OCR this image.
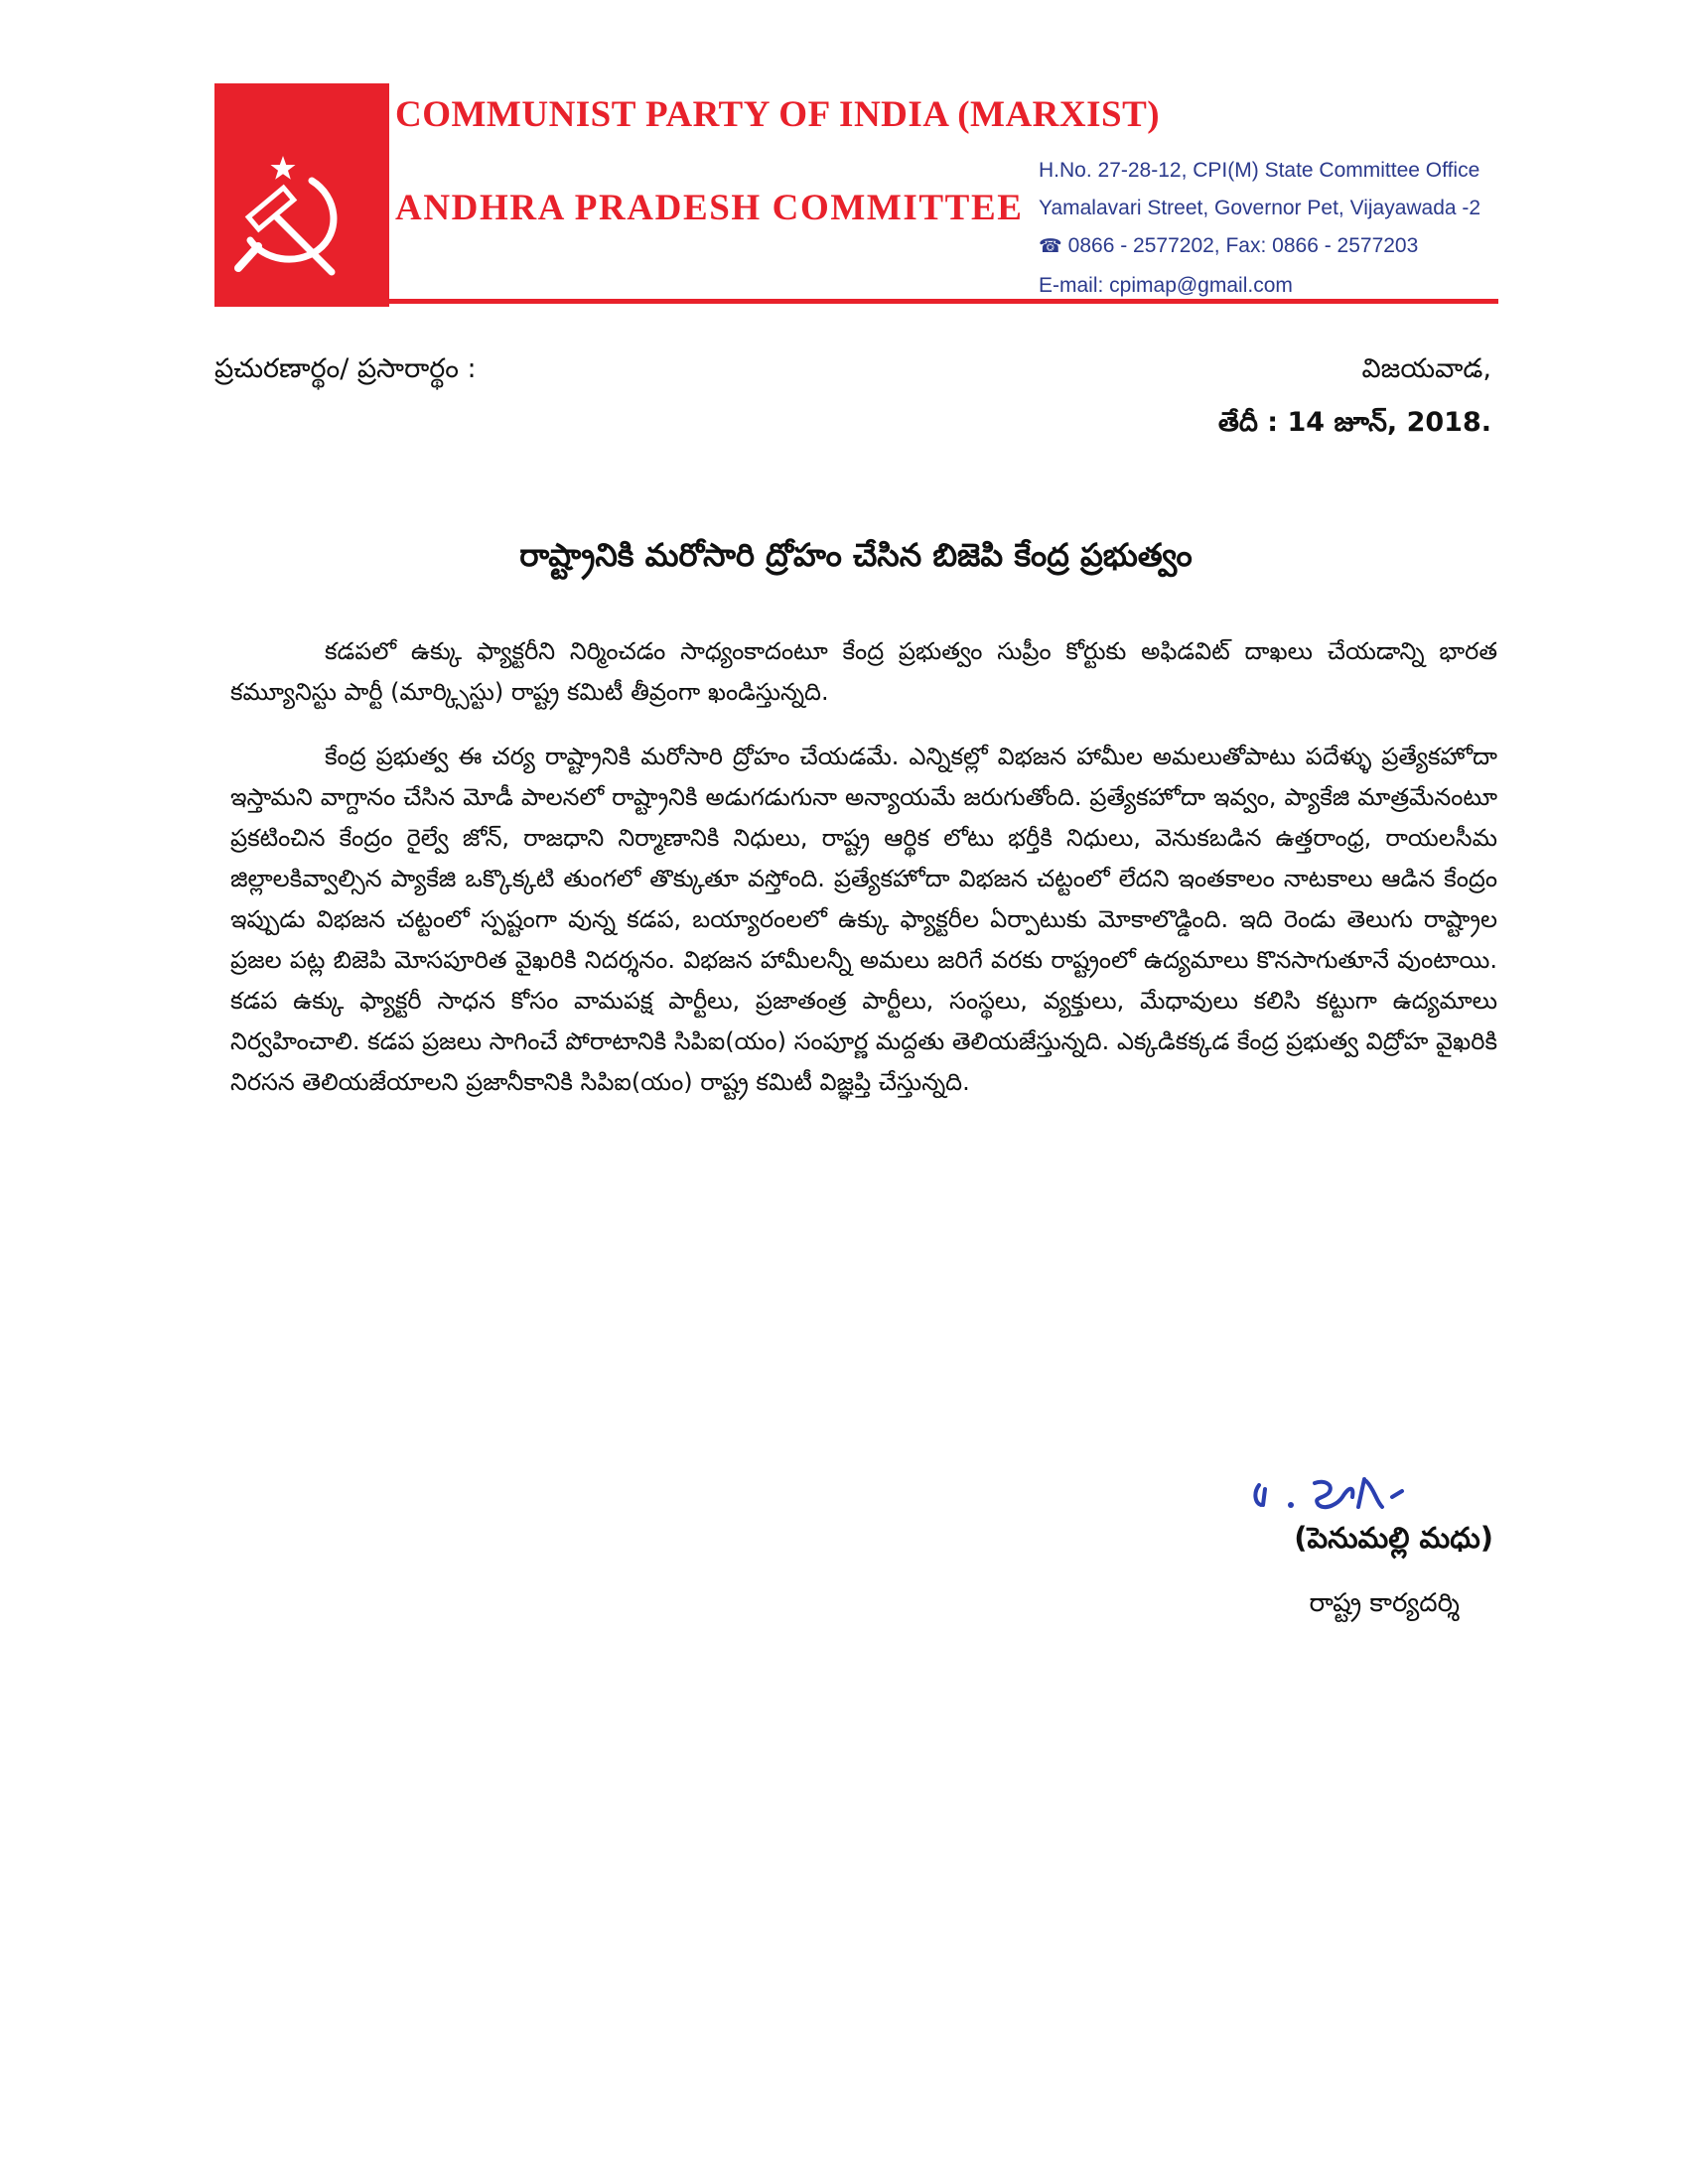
COMMUNIST PARTY OF INDIA (MARXIST)
ANDHRA PRADESH COMMITTEE
H.No. 27-28-12, CPI(M) State Committee Office
Yamalavari Street, Governor Pet, Vijayawada -2
☎ 0866 - 2577202, Fax: 0866 - 2577203
E-mail: cpimap@gmail.com
ప్రచురణార్థం/ ప్రసారార్థం :	విజయవాడ,
తేదీ : 14 జూన్‌, 2018.
రాష్ట్రానికి మరోసారి ద్రోహం చేసిన బిజెపి కేంద్ర ప్రభుత్వం

కడపలో ఉక్కు ఫ్యాక్టరీని నిర్మించడం సాధ్యంకాదంటూ కేంద్ర ప్రభుత్వం సుప్రీం కోర్టుకు అఫిడవిట్‌ దాఖలు చేయడాన్ని భారత కమ్యూనిస్టు పార్టీ (మార్క్సిస్టు) రాష్ట్ర కమిటీ తీవ్రంగా ఖండిస్తున్నది.

కేంద్ర ప్రభుత్వ ఈ చర్య రాష్ట్రానికి మరోసారి ద్రోహం చేయడమే. ఎన్నికల్లో విభజన హామీల అమలుతోపాటు పదేళ్ళు ప్రత్యేకహోదా ఇస్తామని వాగ్దానం చేసిన మోడీ పాలనలో రాష్ట్రానికి అడుగడుగునా అన్యాయమే జరుగుతోంది. ప్రత్యేకహోదా ఇవ్వం, ప్యాకేజి మాత్రమేనంటూ ప్రకటించిన కేంద్రం రైల్వే జోన్‌, రాజధాని నిర్మాణానికి నిధులు, రాష్ట్ర ఆర్థిక లోటు భర్తీకి నిధులు, వెనుకబడిన ఉత్తరాంధ్ర, రాయలసీమ జిల్లాలకివ్వాల్సిన ప్యాకేజి ఒక్కొక్కటి తుంగలో తొక్కుతూ వస్తోంది. ప్రత్యేకహోదా విభజన చట్టంలో లేదని ఇంతకాలం నాటకాలు ఆడిన కేంద్రం ఇప్పుడు విభజన చట్టంలో స్పష్టంగా వున్న కడప, బయ్యారంలలో ఉక్కు ఫ్యాక్టరీల ఏర్పాటుకు మోకాలొడ్డింది. ఇది రెండు తెలుగు రాష్ట్రాల ప్రజల పట్ల బిజెపి మోసపూరిత వైఖరికి నిదర్శనం. విభజన హామీలన్నీ అమలు జరిగే వరకు రాష్ట్రంలో ఉద్యమాలు కొనసాగుతూనే వుంటాయి. కడప ఉక్కు ఫ్యాక్టరీ సాధన కోసం వామపక్ష పార్టీలు, ప్రజాతంత్ర పార్టీలు, సంస్థలు, వ్యక్తులు, మేధావులు కలిసి కట్టుగా ఉద్యమాలు నిర్వహించాలి. కడప ప్రజలు సాగించే పోరాటానికి సిపిఐ(యం) సంపూర్ణ మద్దతు తెలియజేస్తున్నది. ఎక్కడికక్కడ కేంద్ర ప్రభుత్వ విద్రోహ వైఖరికి నిరసన తెలియజేయాలని ప్రజానీకానికి సిపిఐ(యం) రాష్ట్ర కమిటీ విజ్ఞప్తి చేస్తున్నది.

(పెనుమల్లి మధు)
రాష్ట్ర కార్యదర్శి
